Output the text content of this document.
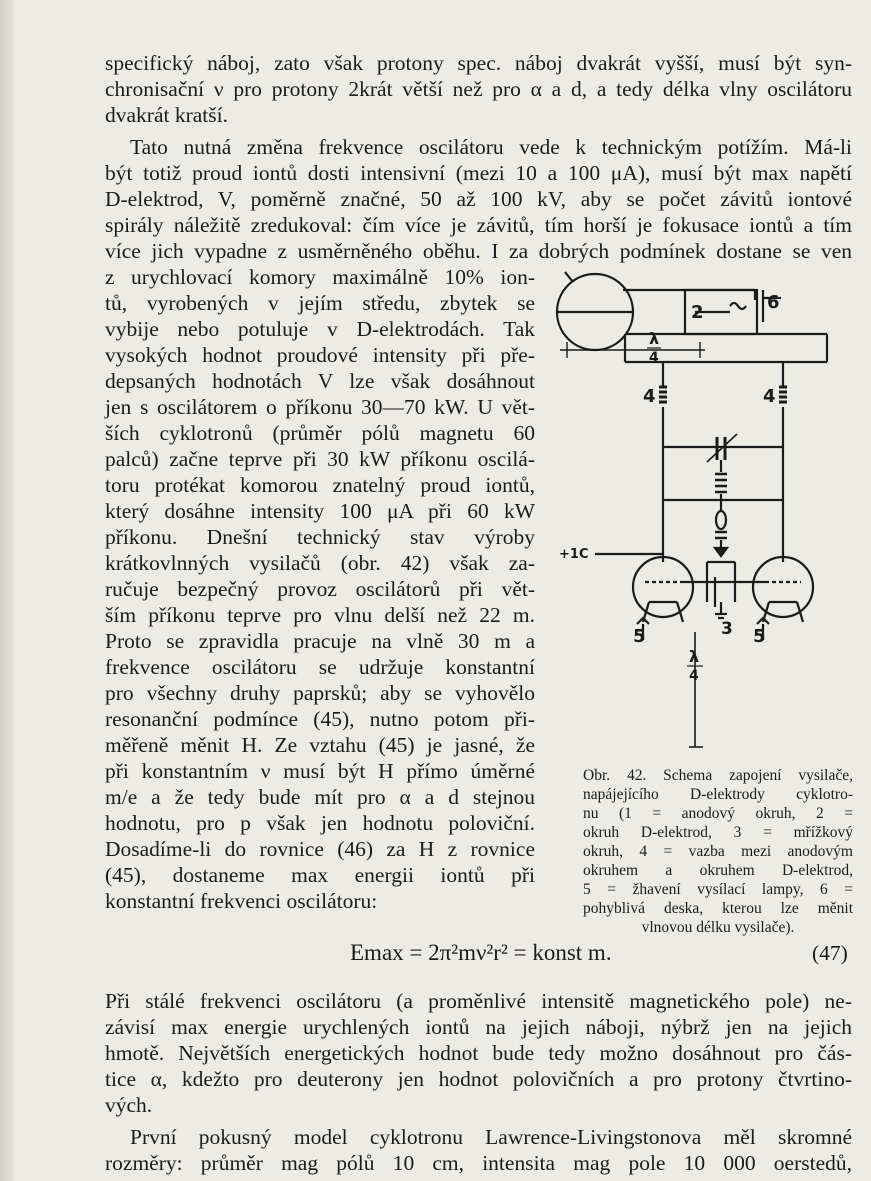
specifický náboj, zato však protony spec. náboj dvakrát vyšší, musí být syn-
chronisační ν pro protony 2krát větší než pro α a d, a tedy délka vlny oscilátoru
dvakrát kratší.
Tato nutná změna frekvence oscilátoru vede k technickým potížím. Má-li
být totiž proud iontů dosti intensivní (mezi 10 a 100 μA), musí být max napětí
D-elektrod, V, poměrně značné, 50 až 100 kV, aby se počet závitů iontové
spirály náležitě zredukoval: čím více je závitů, tím horší je fokusace iontů a tím
více jich vypadne z usměrněného oběhu. I za dobrých podmínek dostane se ven
z urychlovací komory maximálně 10% ion-
tů, vyrobených v jejím středu, zbytek se
vybije nebo potuluje v D-elektrodách. Tak
vysokých hodnot proudové intensity při pře-
depsaných hodnotách V lze však dosáhnout
jen s oscilátorem o příkonu 30—70 kW. U vět-
ších cyklotronů (průměr pólů magnetu 60
palců) začne teprve při 30 kW příkonu oscilá-
toru protékat komorou znatelný proud iontů,
který dosáhne intensity 100 μA při 60 kW
příkonu. Dnešní technický stav výroby
krátkovlnných vysilačů (obr. 42) však za-
ručuje bezpečný provoz oscilátorů při vět-
ším příkonu teprve pro vlnu delší než 22 m.
Proto se zpravidla pracuje na vlně 30 m a
frekvence oscilátoru se udržuje konstantní
pro všechny druhy paprsků; aby se vyhovělo
resonanční podmínce (45), nutno potom při-
měřeně měnit H. Ze vztahu (45) je jasné, že
při konstantním ν musí být H přímo úměrné
m/e a že tedy bude mít pro α a d stejnou
hodnotu, pro p však jen hodnotu poloviční.
Dosadíme-li do rovnice (46) za H z rovnice
(45), dostaneme max energii iontů při
konstantní frekvenci oscilátoru:
2	6
λ
4
4	4
+1C
3
5	5
λ
4
Obr. 42. Schema zapojení vysilače,
napájejícího D-elektrody cyklotro-
nu (1 = anodový okruh, 2 =
okruh D-elektrod, 3 = mřížkový
okruh, 4 = vazba mezi anodovým
okruhem a okruhem D-elektrod,
5 = žhavení vysílací lampy, 6 =
pohyblivá deska, kterou lze měnit
vlnovou délku vysilače).
Emax = 2π²mν²r² = konst m.	(47)
Při stálé frekvenci oscilátoru (a proměnlivé intensitě magnetického pole) ne-
závisí max energie urychlených iontů na jejich náboji, nýbrž jen na jejich
hmotě. Největších energetických hodnot bude tedy možno dosáhnout pro čás-
tice α, kdežto pro deuterony jen hodnot polovičních a pro protony čtvrtino-
vých.
První pokusný model cyklotronu Lawrence-Livingstonova měl skromné
rozměry: průměr mag pólů 10 cm, intensita mag pole 10 000 oerstedů,
